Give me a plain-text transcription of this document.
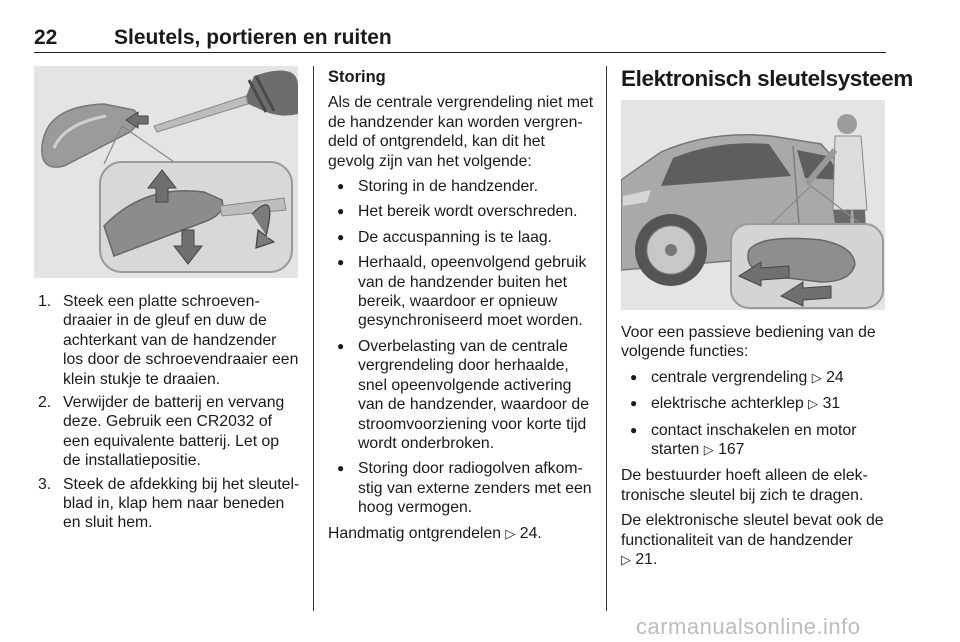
22	Sleutels, portieren en ruiten
1. Steek een platte schroevendraaier in de gleuf en duw de achterkant van de handzender los door de schroevendraaier een klein stukje te draaien.
2. Verwijder de batterij en vervang deze. Gebruik een CR2032 of een equivalente batterij. Let op de installatiepositie.
3. Steek de afdekking bij het sleutelblad in, klap hem naar beneden en sluit hem.
Storing

Als de centrale vergrendeling niet met de handzender kan worden vergrendeld of ontgrendeld, kan dit het gevolg zijn van het volgende:

● Storing in de handzender.
● Het bereik wordt overschreden.
● De accuspanning is te laag.
● Herhaald, opeenvolgend gebruik van de handzender buiten het bereik, waardoor er opnieuw gesynchroniseerd moet worden.
● Overbelasting van de centrale vergrendeling door herhaalde, snel opeenvolgende activering van de handzender, waardoor de stroomvoorziening voor korte tijd wordt onderbroken.
● Storing door radiogolven afkomstig van externe zenders met een hoog vermogen.

Handmatig ontgrendelen ▷ 24.

Elektronisch sleutelsysteem

Voor een passieve bediening van de volgende functies:

● centrale vergrendeling ▷ 24
● elektrische achterklep ▷ 31
● contact inschakelen en motor starten ▷ 167

De bestuurder hoeft alleen de elektronische sleutel bij zich te dragen.

De elektronische sleutel bevat ook de functionaliteit van de handzender
▷ 21.

carmanualsonline.info
